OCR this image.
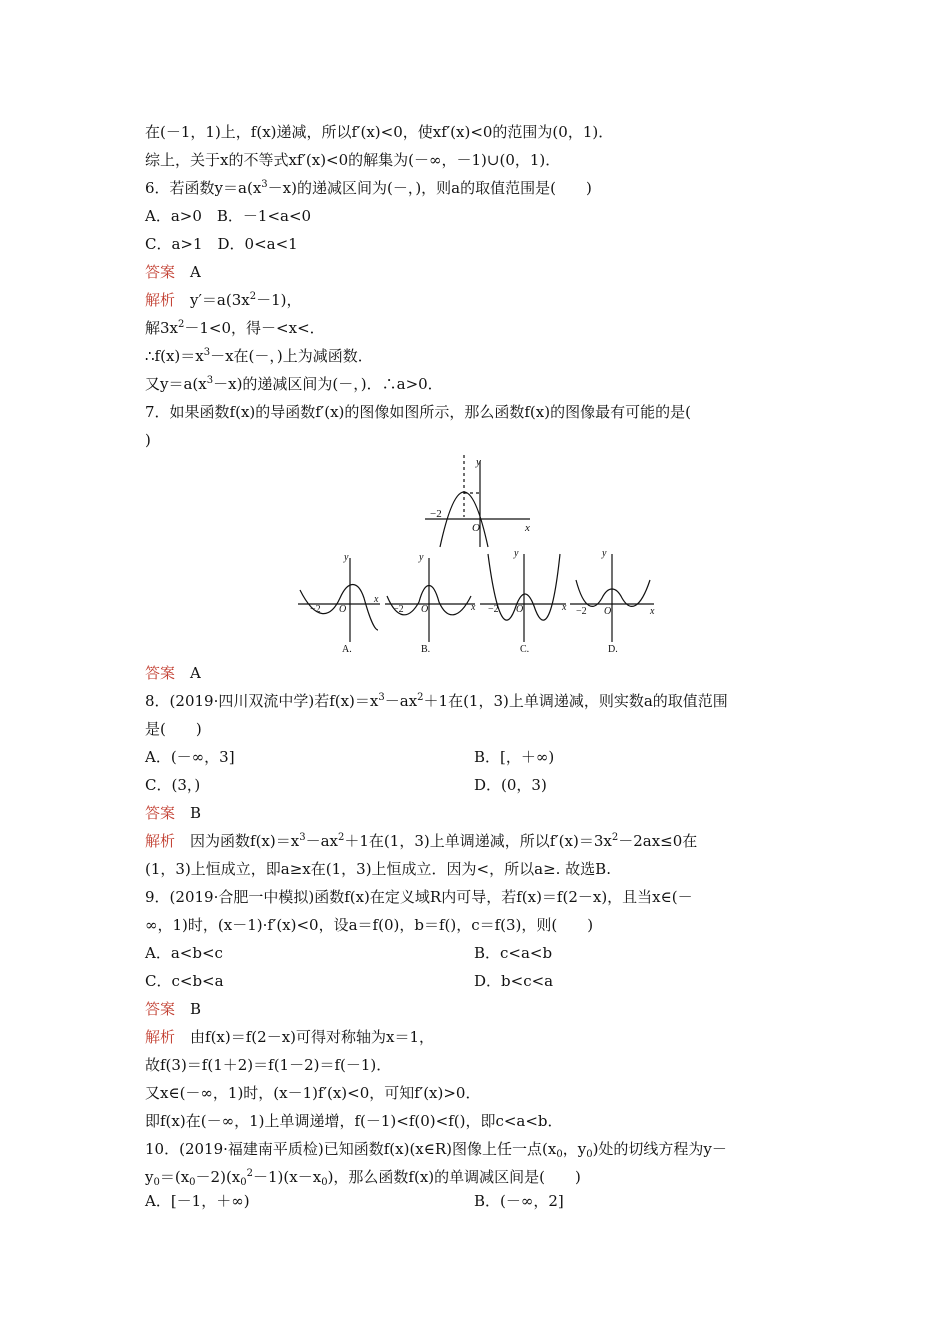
在(－1，1)上，f(x)递减，所以f′(x)<0，使xf′(x)<0的范围为(0，1)．
综上，关于x的不等式xf′(x)<0的解集为(－∞，－1)∪(0，1)．
6．若函数$y=a(x^3-x)$的递减区间为(－，)，则a的取值范围是(　　)
A．a>0　B．－1<a<0
C．a>1　D．0<a<1
答案　 A
解析　 $y'=a(3x^2-1)$，
解$3x^2-1<0$，得－<x<．
$\therefore f(x)=x^3-x$在(－，)上为减函数．
又$y=a(x^3-x)$的递减区间为(－，)．∴a>0．
7．如果函数f(x)的导函数f′(x)的图像如图所示，那么函数f(x)的图像最有可能的是(
)
y
x
−2
O
y
x
−2 O
A.
y
x
−2 O
B.
y
x
−2 O
C.
y
x
−2 O
D.
答案　 A
8．(2019·四川双流中学)若$f(x)=x^3-ax^2+1$在(1，3)上单调递减，则实数a的取值范围
是(　　)
A．(－∞，3]	B．[，＋∞)
C．(3，)	D．(0，3)
答案　 B
解析　 因为函数$f(x)=x^3-ax^2+1$在(1，3)上单调递减，所以$f'(x)=3x^2-2ax\le 0$在
(1，3)上恒成立，即a≥x在(1，3)上恒成立．因为<，所以a≥. 故选B.
9．(2019·合肥一中模拟)函数f(x)在定义域R内可导，若f(x)＝f(2－x)，且当x∈(－
∞，1)时，(x－1)·f′(x)<0，设a＝f(0)，b＝f()，c＝f(3)，则(　　)
A．a<b<c	B．c<a<b
C．c<b<a	D．b<c<a
答案　 B
解析　 由f(x)＝f(2－x)可得对称轴为x＝1，
故f(3)＝f(1＋2)＝f(1－2)＝f(－1)．
又x∈(－∞，1)时，(x－1)f′(x)<0，可知f′(x)>0．
即f(x)在(－∞，1)上单调递增，f(－1)<f(0)<f()，即c<a<b．
10．(2019·福建南平质检)已知函数f(x)(x∈R)图像上任一点($x_0$，$y_0$)处的切线方程为y－
$y_0=(x_0-2)(x_0^2-1)(x-x_0)$，那么函数f(x)的单调减区间是(　　)
A．[－1，＋∞)	B．(－∞，2]
